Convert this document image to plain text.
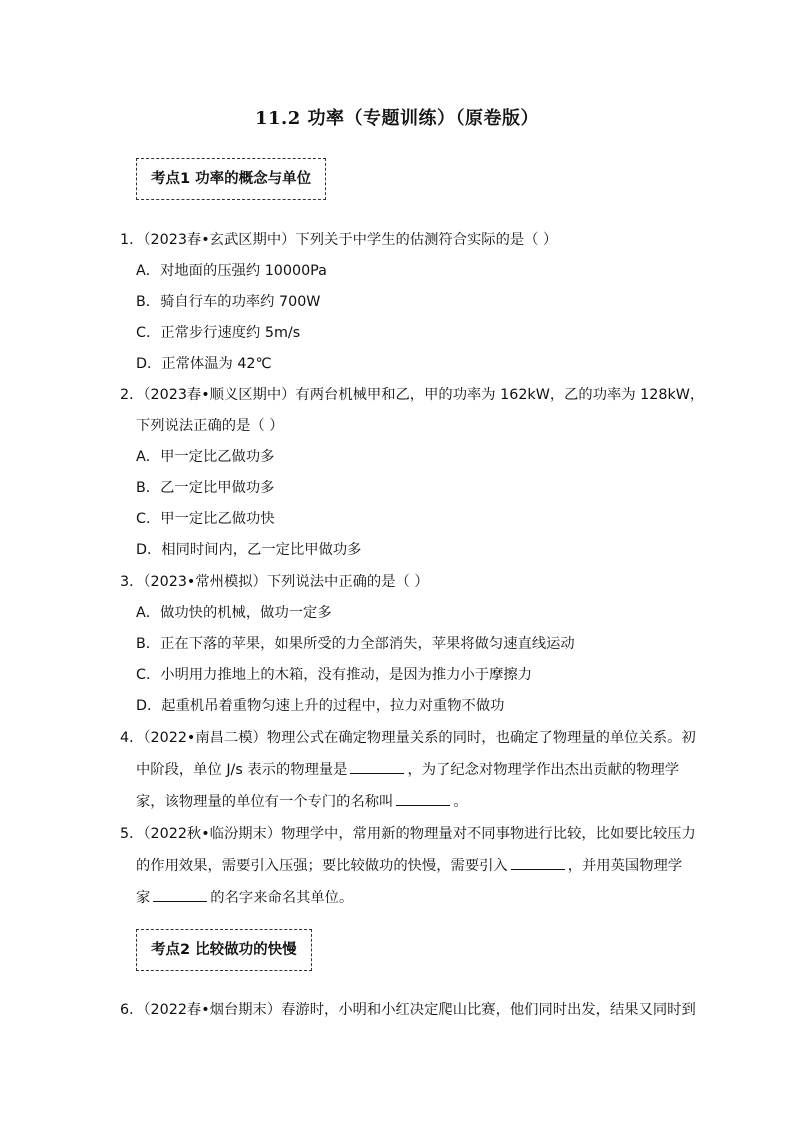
11.2 功率（专题训练）（原卷版）
考点1 功率的概念与单位
1．（2023春•玄武区期中）下列关于中学生的估测符合实际的是（ ）
A．对地面的压强约 10000Pa
B．骑自行车的功率约 700W
C．正常步行速度约 5m/s
D．正常体温为 42℃
2．（2023春•顺义区期中）有两台机械甲和乙，甲的功率为 162kW，乙的功率为 128kW，
下列说法正确的是（ ）
A．甲一定比乙做功多
B．乙一定比甲做功多
C．甲一定比乙做功快
D．相同时间内，乙一定比甲做功多
3．（2023•常州模拟）下列说法中正确的是（ ）
A．做功快的机械，做功一定多
B．正在下落的苹果，如果所受的力全部消失，苹果将做匀速直线运动
C．小明用力推地上的木箱，没有推动，是因为推力小于摩擦力
D．起重机吊着重物匀速上升的过程中，拉力对重物不做功
4．（2022•南昌二模）物理公式在确定物理量关系的同时，也确定了物理量的单位关系。初
中阶段，单位 J/s 表示的物理量是	，为了纪念对物理学作出杰出贡献的物理学
家，该物理量的单位有一个专门的名称叫	。
5．（2022秋•临汾期末）物理学中，常用新的物理量对不同事物进行比较，比如要比较压力
的作用效果，需要引入压强；要比较做功的快慢，需要引入	，并用英国物理学
家	的名字来命名其单位。
考点2 比较做功的快慢
6．（2022春•烟台期末）春游时，小明和小红决定爬山比赛，他们同时出发，结果又同时到
